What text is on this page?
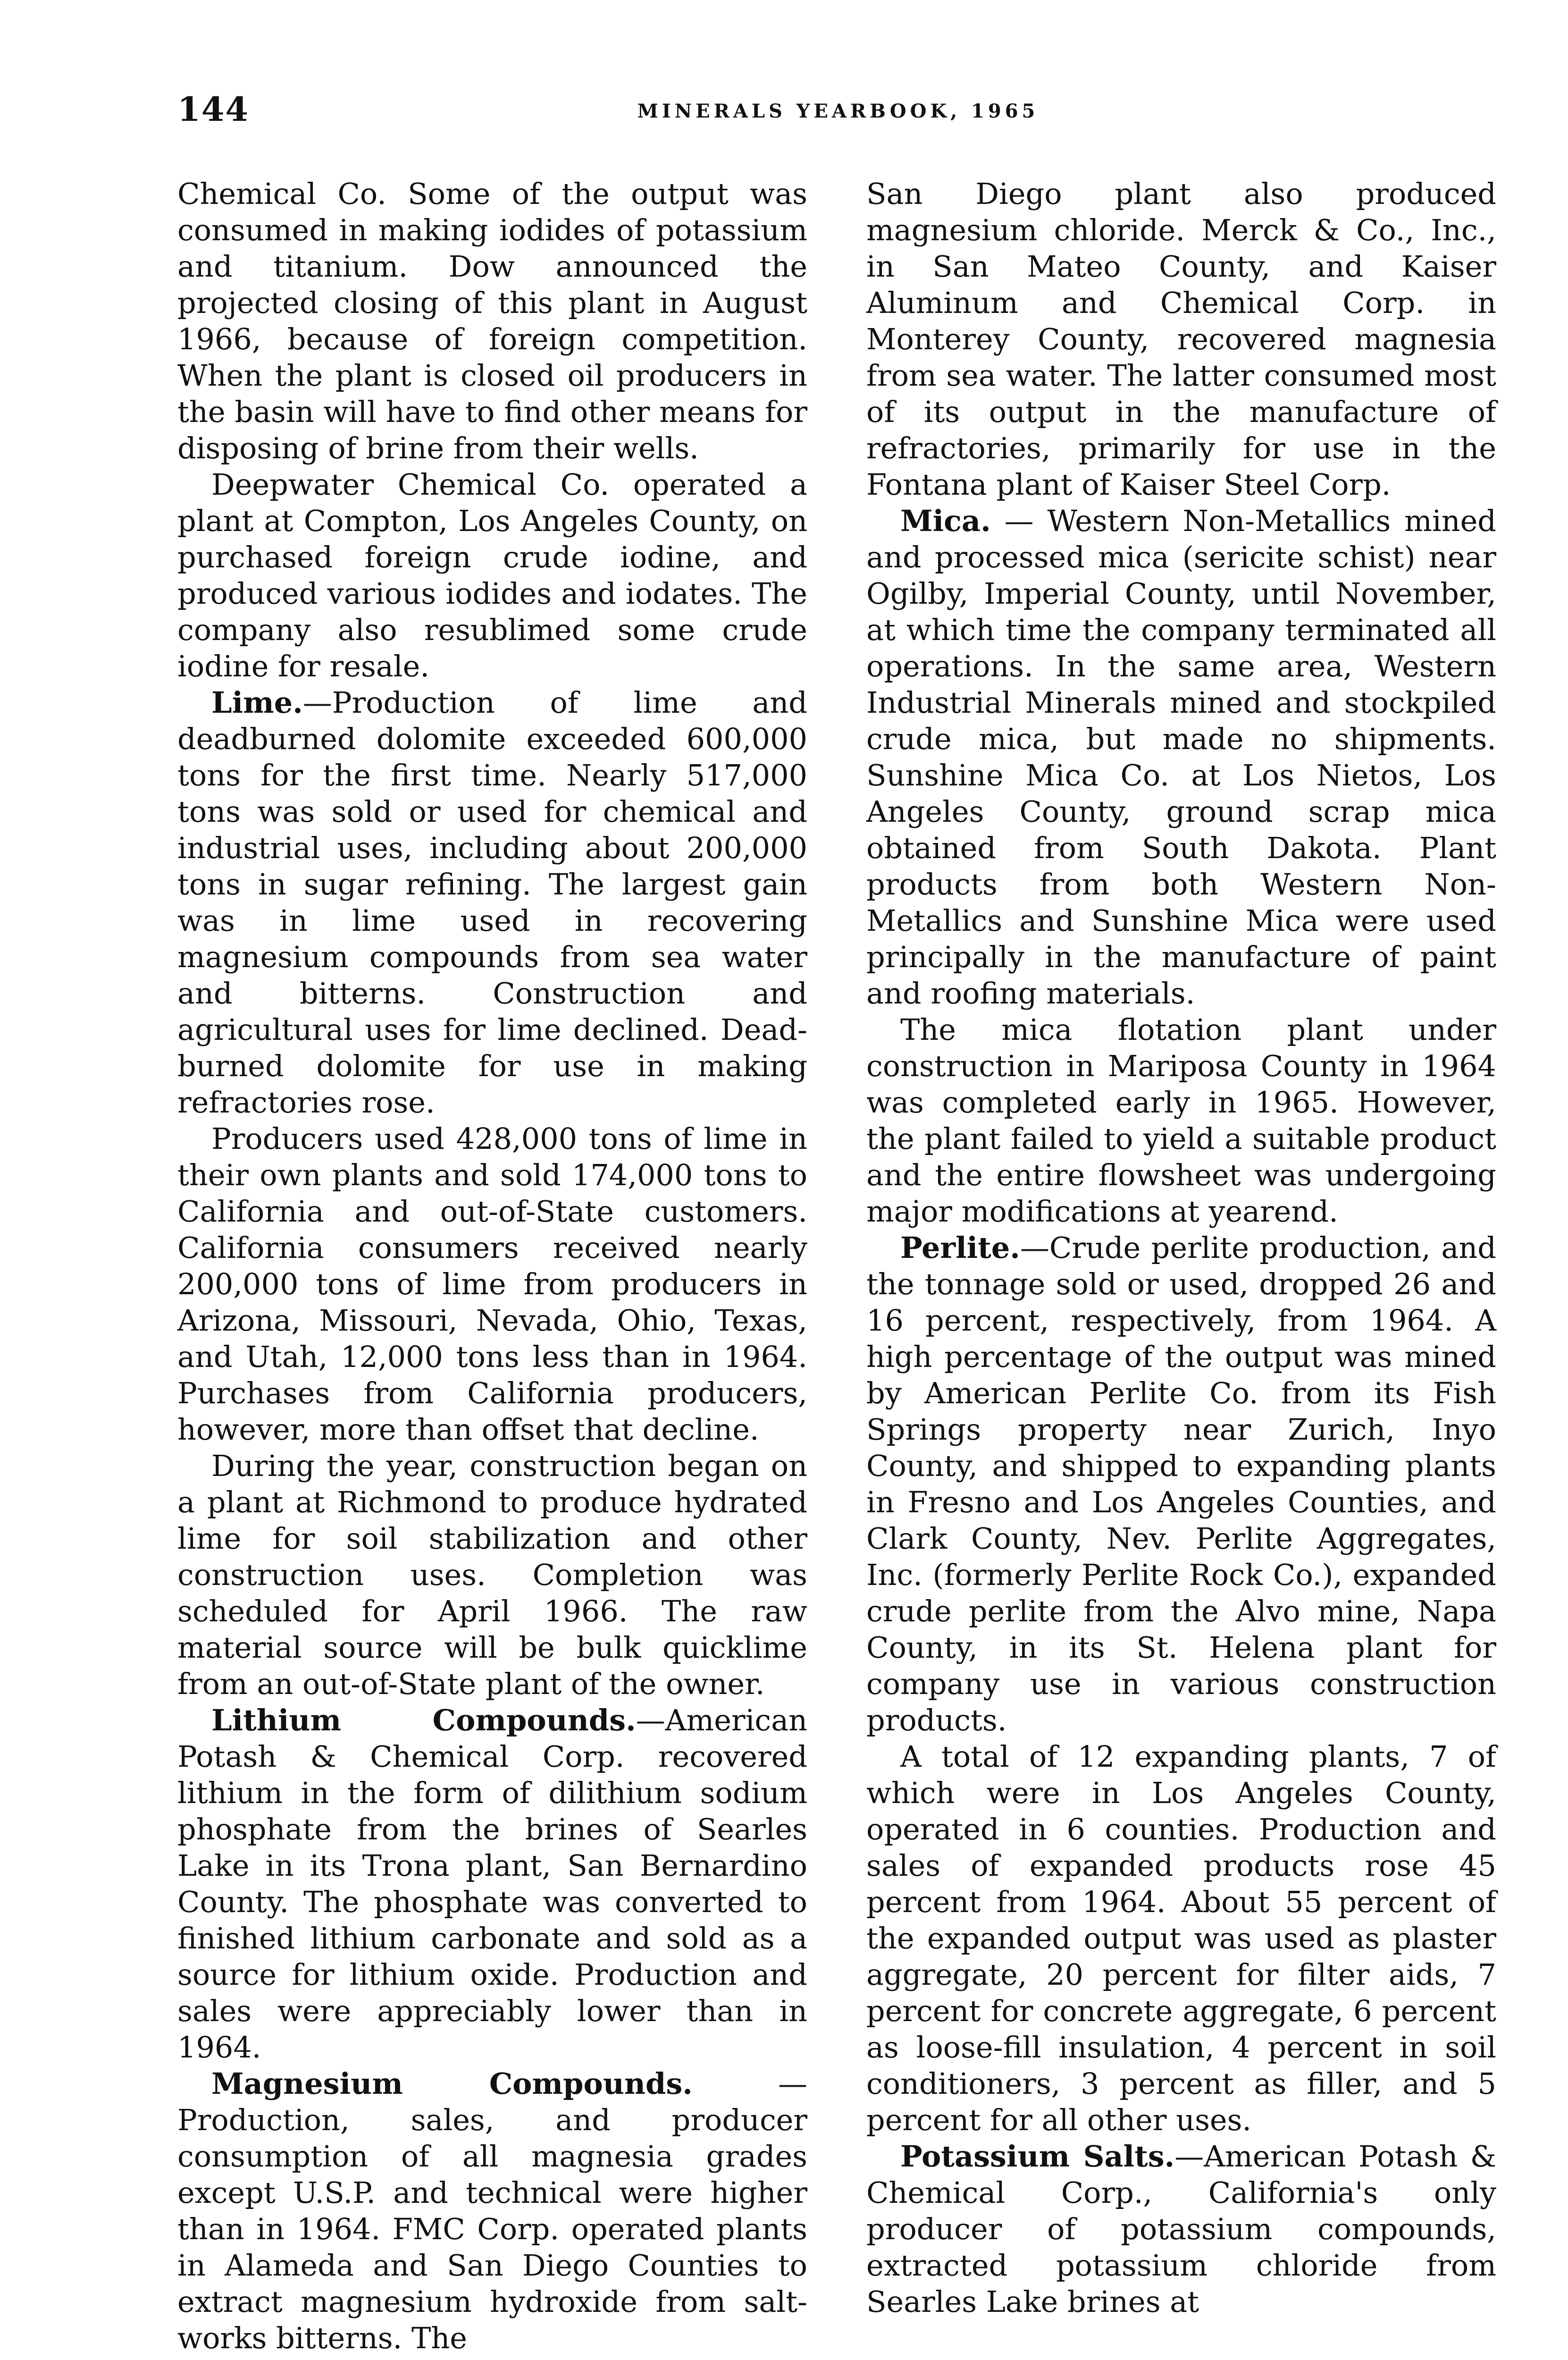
144	MINERALS YEARBOOK, 1965

Chemical Co. Some of the output was consumed in making iodides of potassium and titanium. Dow announced the projected closing of this plant in August 1966, because of foreign competition. When the plant is closed oil producers in the basin will have to find other means for disposing of brine from their wells.

Deepwater Chemical Co. operated a plant at Compton, Los Angeles County, on purchased foreign crude iodine, and produced various iodides and iodates. The company also resublimed some crude iodine for resale.

Lime.—Production of lime and deadburned dolomite exceeded 600,000 tons for the first time. Nearly 517,000 tons was sold or used for chemical and industrial uses, including about 200,000 tons in sugar refining. The largest gain was in lime used in recovering magnesium compounds from sea water and bitterns. Construction and agricultural uses for lime declined. Dead-burned dolomite for use in making refractories rose.

Producers used 428,000 tons of lime in their own plants and sold 174,000 tons to California and out-of-State customers. California consumers received nearly 200,000 tons of lime from producers in Arizona, Missouri, Nevada, Ohio, Texas, and Utah, 12,000 tons less than in 1964. Purchases from California producers, however, more than offset that decline.

During the year, construction began on a plant at Richmond to produce hydrated lime for soil stabilization and other construction uses. Completion was scheduled for April 1966. The raw material source will be bulk quicklime from an out-of-State plant of the owner.

Lithium Compounds.—American Potash & Chemical Corp. recovered lithium in the form of dilithium sodium phosphate from the brines of Searles Lake in its Trona plant, San Bernardino County. The phosphate was converted to finished lithium carbonate and sold as a source for lithium oxide. Production and sales were appreciably lower than in 1964.

Magnesium Compounds. — Production, sales, and producer consumption of all magnesia grades except U.S.P. and technical were higher than in 1964. FMC Corp. operated plants in Alameda and San Diego Counties to extract magnesium hydroxide from salt-works bitterns. The

San Diego plant also produced magnesium chloride. Merck & Co., Inc., in San Mateo County, and Kaiser Aluminum and Chemical Corp. in Monterey County, recovered magnesia from sea water. The latter consumed most of its output in the manufacture of refractories, primarily for use in the Fontana plant of Kaiser Steel Corp.

Mica. — Western Non-Metallics mined and processed mica (sericite schist) near Ogilby, Imperial County, until November, at which time the company terminated all operations. In the same area, Western Industrial Minerals mined and stockpiled crude mica, but made no shipments. Sunshine Mica Co. at Los Nietos, Los Angeles County, ground scrap mica obtained from South Dakota. Plant products from both Western Non-Metallics and Sunshine Mica were used principally in the manufacture of paint and roofing materials.

The mica flotation plant under construction in Mariposa County in 1964 was completed early in 1965. However, the plant failed to yield a suitable product and the entire flowsheet was undergoing major modifications at yearend.

Perlite.—Crude perlite production, and the tonnage sold or used, dropped 26 and 16 percent, respectively, from 1964. A high percentage of the output was mined by American Perlite Co. from its Fish Springs property near Zurich, Inyo County, and shipped to expanding plants in Fresno and Los Angeles Counties, and Clark County, Nev. Perlite Aggregates, Inc. (formerly Perlite Rock Co.), expanded crude perlite from the Alvo mine, Napa County, in its St. Helena plant for company use in various construction products.

A total of 12 expanding plants, 7 of which were in Los Angeles County, operated in 6 counties. Production and sales of expanded products rose 45 percent from 1964. About 55 percent of the expanded output was used as plaster aggregate, 20 percent for filter aids, 7 percent for concrete aggregate, 6 percent as loose-fill insulation, 4 percent in soil conditioners, 3 percent as filler, and 5 percent for all other uses.

Potassium Salts.—American Potash & Chemical Corp., California's only producer of potassium compounds, extracted potassium chloride from Searles Lake brines at
